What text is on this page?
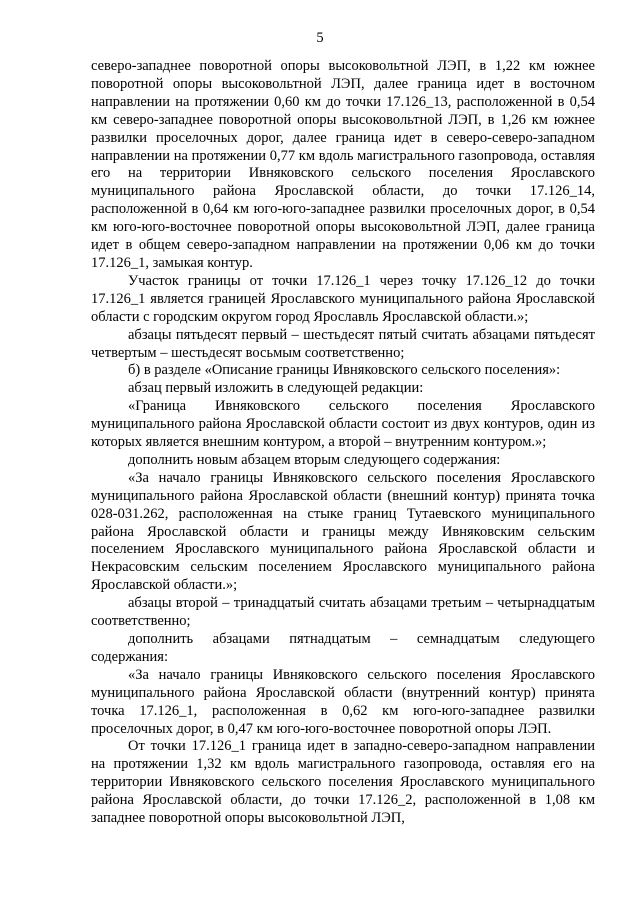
5

северо-западнее поворотной опоры высоковольтной ЛЭП, в 1,22 км южнее поворотной опоры высоковольтной ЛЭП, далее граница идет в восточном направлении на протяжении 0,60 км до точки 17.126_13, расположенной в 0,54 км северо-западнее поворотной опоры высоковольтной ЛЭП, в 1,26 км южнее развилки проселочных дорог, далее граница идет в северо-северо-западном направлении на протяжении 0,77 км вдоль магистрального газопровода, оставляя его на территории Ивняковского сельского поселения Ярославского муниципального района Ярославской области, до точки 17.126_14, расположенной в 0,64 км юго-юго-западнее развилки проселочных дорог, в 0,54 км юго-юго-восточнее поворотной опоры высоковольтной ЛЭП, далее граница идет в общем северо-западном направлении на протяжении 0,06 км до точки 17.126_1, замыкая контур.

Участок границы от точки 17.126_1 через точку 17.126_12 до точки 17.126_1 является границей Ярославского муниципального района Ярославской области с городским округом город Ярославль Ярославской области.»;

абзацы пятьдесят первый – шестьдесят пятый считать абзацами пятьдесят четвертым – шестьдесят восьмым соответственно;

б) в разделе «Описание границы Ивняковского сельского поселения»:

абзац первый изложить в следующей редакции:

«Граница Ивняковского сельского поселения Ярославского муниципального района Ярославской области состоит из двух контуров, один из которых является внешним контуром, а второй – внутренним контуром.»;

дополнить новым абзацем вторым следующего содержания:

«За начало границы Ивняковского сельского поселения Ярославского муниципального района Ярославской области (внешний контур) принята точка 028-031.262, расположенная на стыке границ Тутаевского муниципального района Ярославской области и границы между Ивняковским сельским поселением Ярославского муниципального района Ярославской области и Некрасовским сельским поселением Ярославского муниципального района Ярославской области.»;

абзацы второй – тринадцатый считать абзацами третьим – четырнадцатым соответственно;

дополнить абзацами пятнадцатым – семнадцатым следующего содержания:

«За начало границы Ивняковского сельского поселения Ярославского муниципального района Ярославской области (внутренний контур) принята точка 17.126_1, расположенная в 0,62 км юго-юго-западнее развилки проселочных дорог, в 0,47 км юго-юго-восточнее поворотной опоры ЛЭП.

От точки 17.126_1 граница идет в западно-северо-западном направлении на протяжении 1,32 км вдоль магистрального газопровода, оставляя его на территории Ивняковского сельского поселения Ярославского муниципального района Ярославской области, до точки 17.126_2, расположенной в 1,08 км западнее поворотной опоры высоковольтной ЛЭП,
